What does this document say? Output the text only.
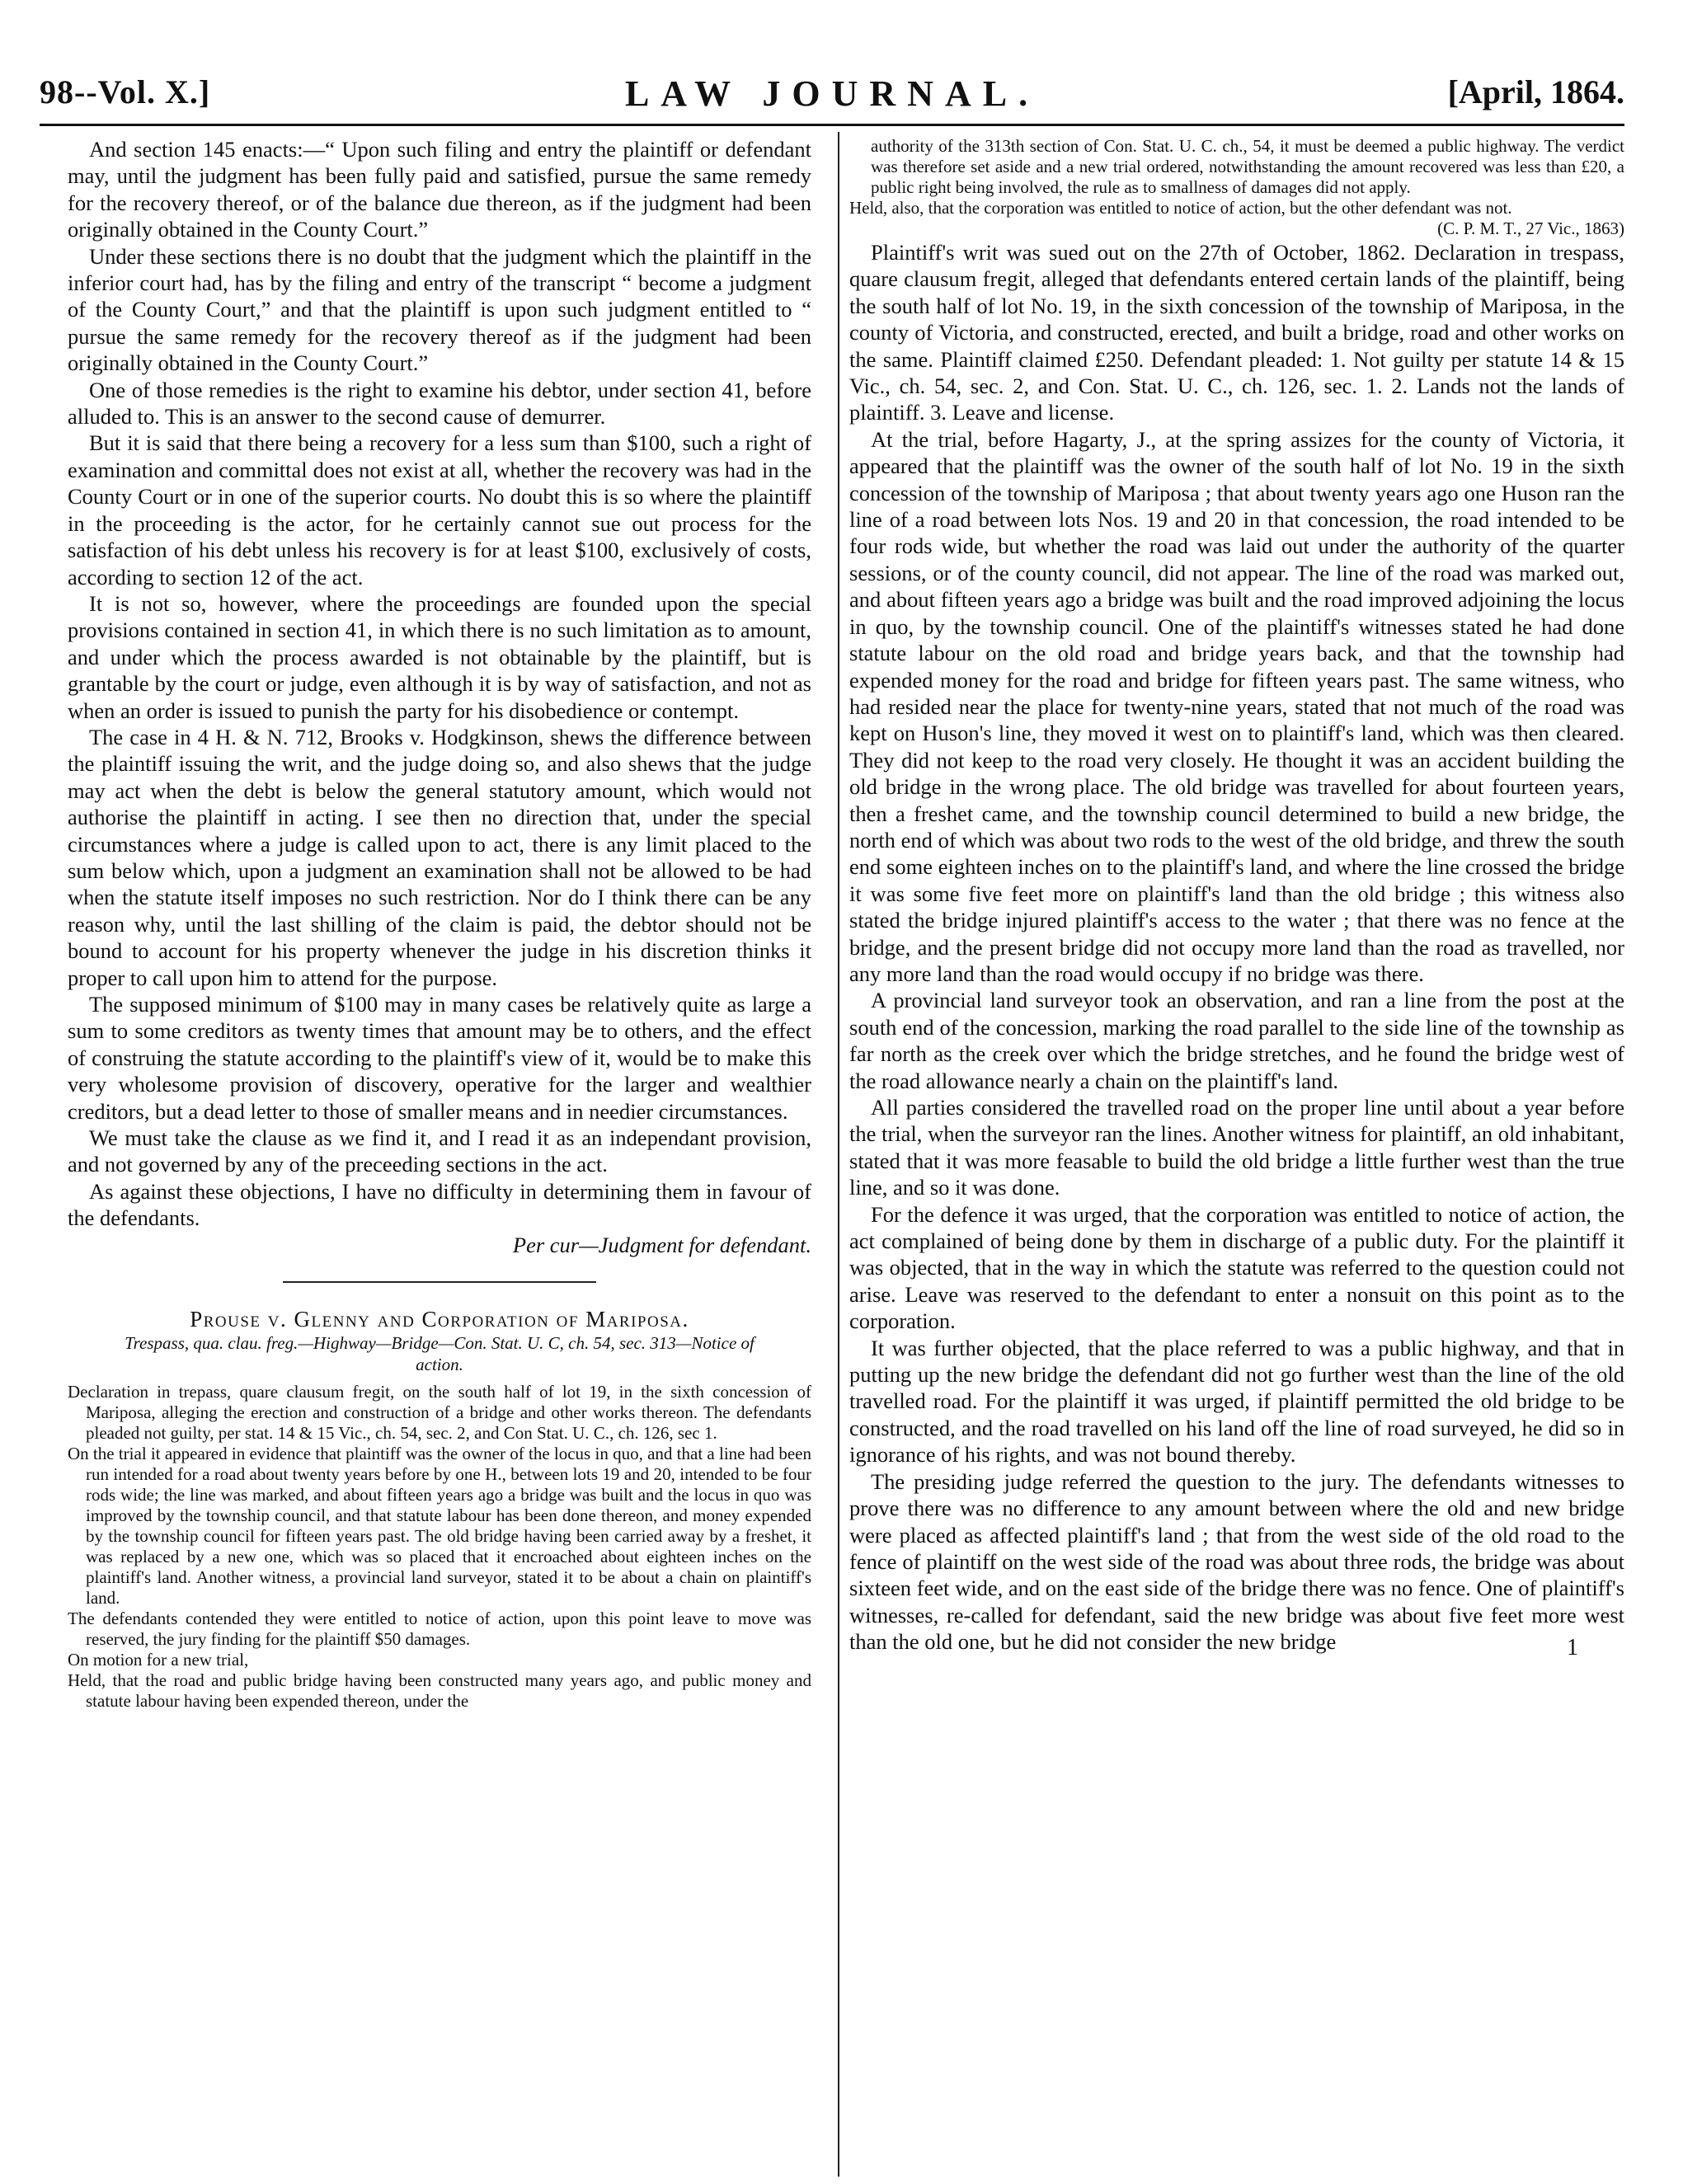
98--Vol. X.]	LAW JOURNAL.	[April, 1864.

And section 145 enacts:—“ Upon such filing and entry the plaintiff or defendant may, until the judgment has been fully paid and satisfied, pursue the same remedy for the recovery thereof, or of the balance due thereon, as if the judgment had been originally obtained in the County Court.”

Under these sections there is no doubt that the judgment which the plaintiff in the inferior court had, has by the filing and entry of the transcript “ become a judgment of the County Court,” and that the plaintiff is upon such judgment entitled to “ pursue the same remedy for the recovery thereof as if the judgment had been originally obtained in the County Court.”

One of those remedies is the right to examine his debtor, under section 41, before alluded to. This is an answer to the second cause of demurrer.

But it is said that there being a recovery for a less sum than $100, such a right of examination and committal does not exist at all, whether the recovery was had in the County Court or in one of the superior courts. No doubt this is so where the plaintiff in the proceeding is the actor, for he certainly cannot sue out process for the satisfaction of his debt unless his recovery is for at least $100, exclusively of costs, according to section 12 of the act.

It is not so, however, where the proceedings are founded upon the special provisions contained in section 41, in which there is no such limitation as to amount, and under which the process awarded is not obtainable by the plaintiff, but is grantable by the court or judge, even although it is by way of satisfaction, and not as when an order is issued to punish the party for his disobedience or contempt.

The case in 4 H. & N. 712, Brooks v. Hodgkinson, shews the difference between the plaintiff issuing the writ, and the judge doing so, and also shews that the judge may act when the debt is below the general statutory amount, which would not authorise the plaintiff in acting. I see then no direction that, under the special circumstances where a judge is called upon to act, there is any limit placed to the sum below which, upon a judgment an examination shall not be allowed to be had when the statute itself imposes no such restriction. Nor do I think there can be any reason why, until the last shilling of the claim is paid, the debtor should not be bound to account for his property whenever the judge in his discretion thinks it proper to call upon him to attend for the purpose.

The supposed minimum of $100 may in many cases be relatively quite as large a sum to some creditors as twenty times that amount may be to others, and the effect of construing the statute according to the plaintiff's view of it, would be to make this very wholesome provision of discovery, operative for the larger and wealthier creditors, but a dead letter to those of smaller means and in needier circumstances.

We must take the clause as we find it, and I read it as an independant provision, and not governed by any of the preceeding sections in the act.

As against these objections, I have no difficulty in determining them in favour of the defendants.

Per cur—Judgment for defendant.

Prouse v. Glenny and Corporation of Mariposa.

Trespass, qua. clau. freg.—Highway—Bridge—Con. Stat. U. C, ch. 54, sec. 313—Notice of action.

Declaration in trepass, quare clausum fregit, on the south half of lot 19, in the sixth concession of Mariposa, alleging the erection and construction of a bridge and other works thereon. The defendants pleaded not guilty, per stat. 14 & 15 Vic., ch. 54, sec. 2, and Con Stat. U. C., ch. 126, sec 1.

On the trial it appeared in evidence that plaintiff was the owner of the locus in quo, and that a line had been run intended for a road about twenty years before by one H., between lots 19 and 20, intended to be four rods wide; the line was marked, and about fifteen years ago a bridge was built and the locus in quo was improved by the township council, and that statute labour has been done thereon, and money expended by the township council for fifteen years past. The old bridge having been carried away by a freshet, it was replaced by a new one, which was so placed that it encroached about eighteen inches on the plaintiff's land. Another witness, a provincial land surveyor, stated it to be about a chain on plaintiff's land.

The defendants contended they were entitled to notice of action, upon this point leave to move was reserved, the jury finding for the plaintiff $50 damages.

On motion for a new trial,

Held, that the road and public bridge having been constructed many years ago, and public money and statute labour having been expended thereon, under the

authority of the 313th section of Con. Stat. U. C. ch., 54, it must be deemed a public highway. The verdict was therefore set aside and a new trial ordered, notwithstanding the amount recovered was less than £20, a public right being involved, the rule as to smallness of damages did not apply.

Held, also, that the corporation was entitled to notice of action, but the other defendant was not.

(C. P. M. T., 27 Vic., 1863)

Plaintiff's writ was sued out on the 27th of October, 1862. Declaration in trespass, quare clausum fregit, alleged that defendants entered certain lands of the plaintiff, being the south half of lot No. 19, in the sixth concession of the township of Mariposa, in the county of Victoria, and constructed, erected, and built a bridge, road and other works on the same. Plaintiff claimed £250. Defendant pleaded: 1. Not guilty per statute 14 & 15 Vic., ch. 54, sec. 2, and Con. Stat. U. C., ch. 126, sec. 1. 2. Lands not the lands of plaintiff. 3. Leave and license.

At the trial, before Hagarty, J., at the spring assizes for the county of Victoria, it appeared that the plaintiff was the owner of the south half of lot No. 19 in the sixth concession of the township of Mariposa ; that about twenty years ago one Huson ran the line of a road between lots Nos. 19 and 20 in that concession, the road intended to be four rods wide, but whether the road was laid out under the authority of the quarter sessions, or of the county council, did not appear. The line of the road was marked out, and about fifteen years ago a bridge was built and the road improved adjoining the locus in quo, by the township council. One of the plaintiff's witnesses stated he had done statute labour on the old road and bridge years back, and that the township had expended money for the road and bridge for fifteen years past. The same witness, who had resided near the place for twenty-nine years, stated that not much of the road was kept on Huson's line, they moved it west on to plaintiff's land, which was then cleared. They did not keep to the road very closely. He thought it was an accident building the old bridge in the wrong place. The old bridge was travelled for about fourteen years, then a freshet came, and the township council determined to build a new bridge, the north end of which was about two rods to the west of the old bridge, and threw the south end some eighteen inches on to the plaintiff's land, and where the line crossed the bridge it was some five feet more on plaintiff's land than the old bridge ; this witness also stated the bridge injured plaintiff's access to the water ; that there was no fence at the bridge, and the present bridge did not occupy more land than the road as travelled, nor any more land than the road would occupy if no bridge was there.

A provincial land surveyor took an observation, and ran a line from the post at the south end of the concession, marking the road parallel to the side line of the township as far north as the creek over which the bridge stretches, and he found the bridge west of the road allowance nearly a chain on the plaintiff's land.

All parties considered the travelled road on the proper line until about a year before the trial, when the surveyor ran the lines. Another witness for plaintiff, an old inhabitant, stated that it was more feasable to build the old bridge a little further west than the true line, and so it was done.

For the defence it was urged, that the corporation was entitled to notice of action, the act complained of being done by them in discharge of a public duty. For the plaintiff it was objected, that in the way in which the statute was referred to the question could not arise. Leave was reserved to the defendant to enter a nonsuit on this point as to the corporation.

It was further objected, that the place referred to was a public highway, and that in putting up the new bridge the defendant did not go further west than the line of the old travelled road. For the plaintiff it was urged, if plaintiff permitted the old bridge to be constructed, and the road travelled on his land off the line of road surveyed, he did so in ignorance of his rights, and was not bound thereby.

The presiding judge referred the question to the jury. The defendants witnesses to prove there was no difference to any amount between where the old and new bridge were placed as affected plaintiff's land ; that from the west side of the old road to the fence of plaintiff on the west side of the road was about three rods, the bridge was about sixteen feet wide, and on the east side of the bridge there was no fence. One of plaintiff's witnesses, re-called for defendant, said the new bridge was about five feet more west than the old one, but he did not consider the new bridge	1
